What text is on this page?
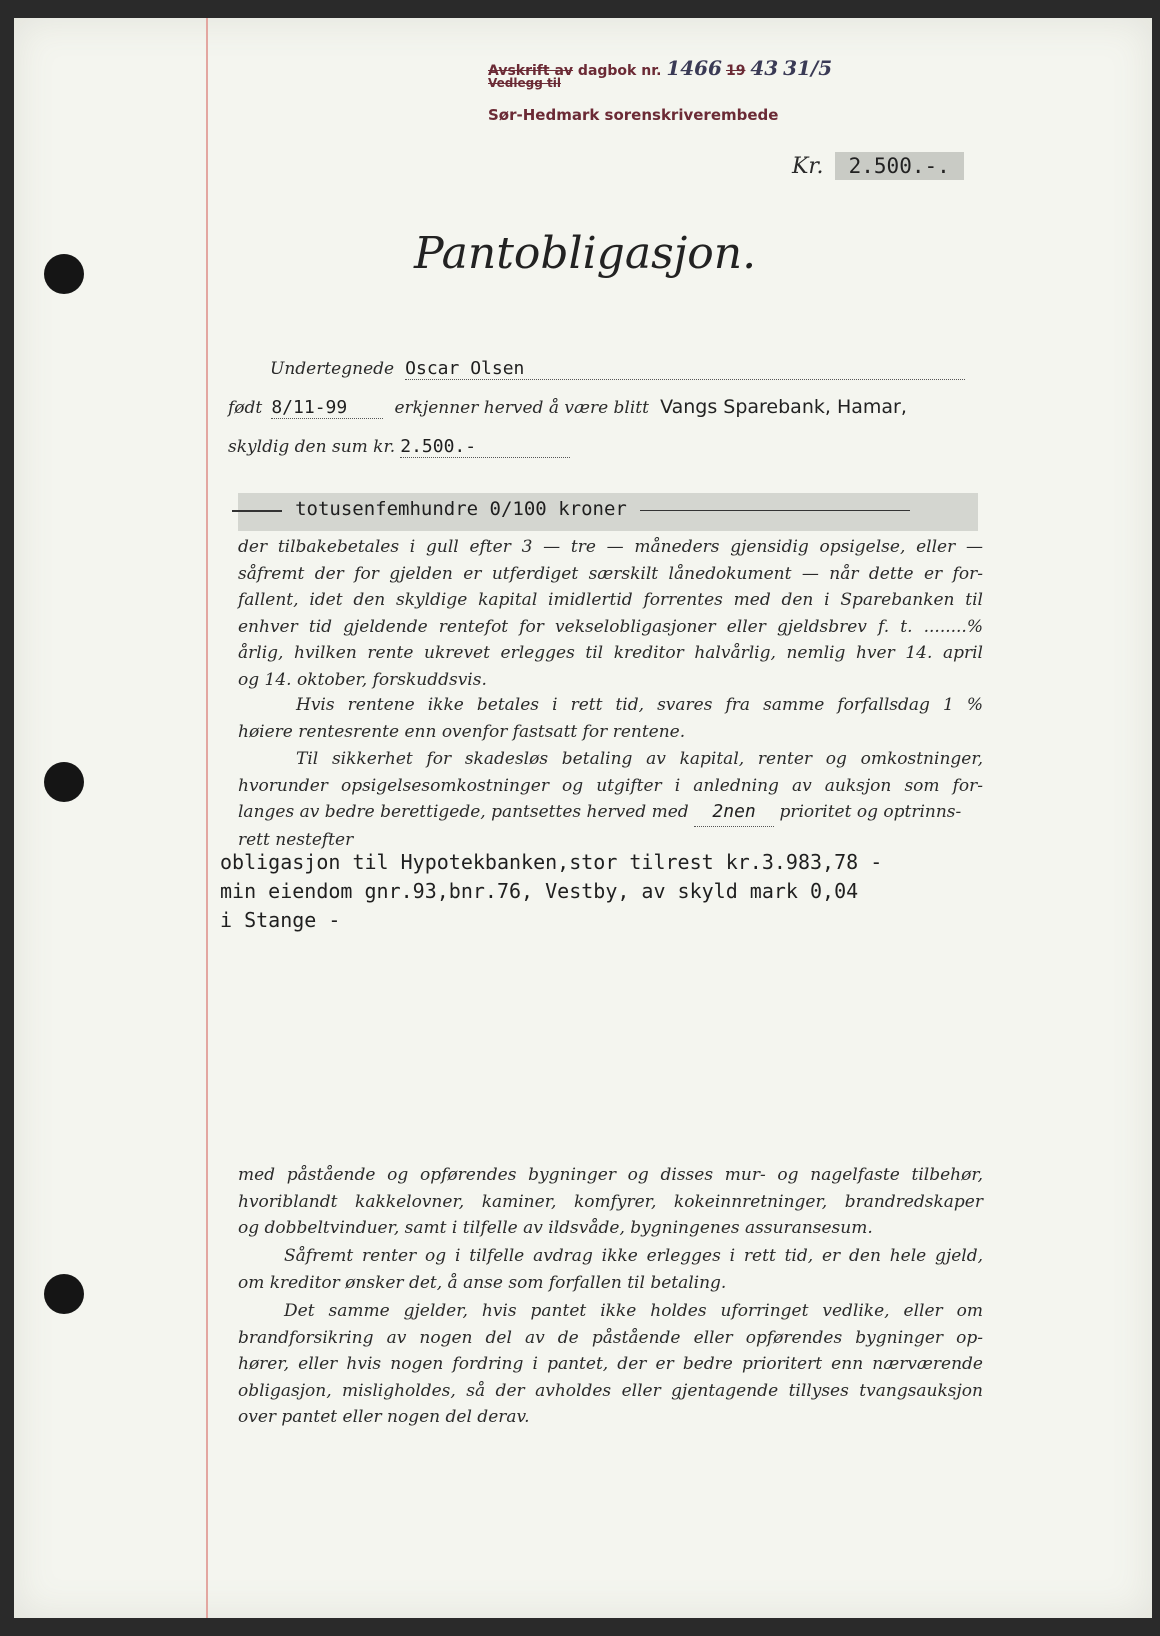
Avskrift av dagbok nr. 1466 19 43 31/5
Vedlegg til
Sør-Hedmark sorenskriverembede
Kr. 2.500.-.
Pantobligasjon.
Undertegnede Oscar Olsen
født 8/11-99	erkjenner herved å være blitt Vangs Sparebank, Hamar,
skyldig den sum kr. 2.500.-
totusenfemhundre 0/100 kroner
der tilbakebetales i gull efter 3 — tre — måneders gjensidig opsigelse, eller —
såfremt der for gjelden er utferdiget særskilt lånedokument — når dette er for-
fallent, idet den skyldige kapital imidlertid forrentes med den i Sparebanken til
enhver tid gjeldende rentefot for vekselobligasjoner eller gjeldsbrev f. t. ........%
årlig, hvilken rente ukrevet erlegges til kreditor halvårlig, nemlig hver 14. april
og 14. oktober, forskuddsvis.
Hvis rentene ikke betales i rett tid, svares fra samme forfallsdag 1 %
høiere rentesrente enn ovenfor fastsatt for rentene.
Til sikkerhet for skadesløs betaling av kapital, renter og omkostninger,
hvorunder opsigelsesomkostninger og utgifter i anledning av auksjon som for-
langes av bedre berettigede, pantsettes herved med 2nen prioritet og optrinns-
rett nestefter
obligasjon til Hypotekbanken,stor tilrest kr.3.983,78 -
min eiendom gnr.93,bnr.76, Vestby, av skyld mark 0,04
i Stange -
med påstående og opførendes bygninger og disses mur- og nagelfaste tilbehør,
hvoriblandt kakkelovner, kaminer, komfyrer, kokeinnretninger, brandredskaper
og dobbeltvinduer, samt i tilfelle av ildsvåde, bygningenes assuransesum.
Såfremt renter og i tilfelle avdrag ikke erlegges i rett tid, er den hele gjeld,
om kreditor ønsker det, å anse som forfallen til betaling.
Det samme gjelder, hvis pantet ikke holdes uforringet vedlike, eller om
brandforsikring av nogen del av de påstående eller opførendes bygninger op-
hører, eller hvis nogen fordring i pantet, der er bedre prioritert enn nærværende
obligasjon, misligholdes, så der avholdes eller gjentagende tillyses tvangsauksjon
over pantet eller nogen del derav.
